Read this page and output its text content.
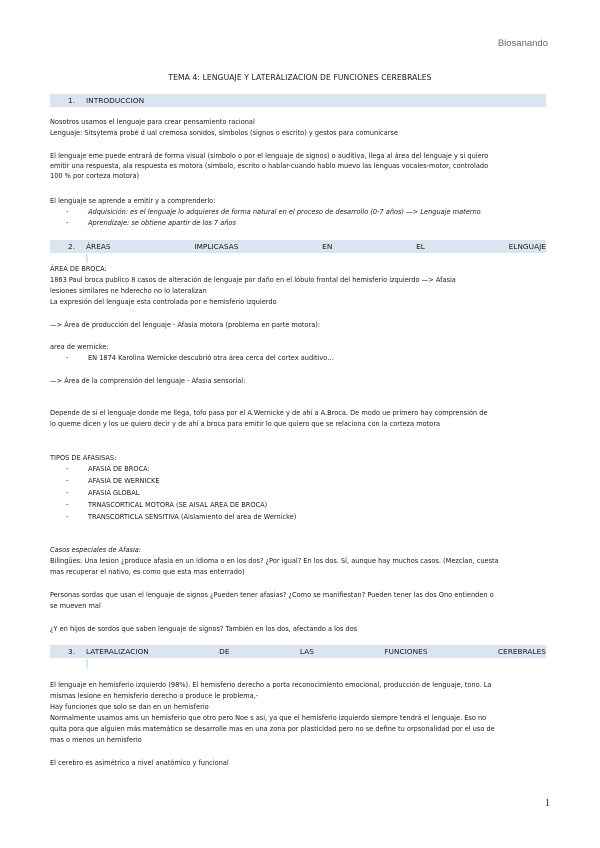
Biosanando
TEMA 4: LENGUAJE Y LATERALIZACION DE FUNCIONES CEREBRALES
1. INTRODUCCION
Nosotros usamos el lenguaje para crear pensamiento racional
Lenguaje: Sitsytema probé d ual cremosa sonidos, símbolos (signos o escrito) y gestos para comunicarse
El lenguaje eme puede entrará de forma visual (simbolo o por el lenguaje de signos) o auditiva, llega al área del lenguaje y si quiero
emitir una respuesta, ala respuesta es motora (simbolo, escrito o hablar-cuando hablo muevo las lenguas vocales-motor, controlado
100 % por corteza motora)
El lenguaje se aprende a emitir y a comprenderlo:
-	Adquisición: es el lenguaje lo adquieres de forma natural en el proceso de desarrollo (0-7 años) —> Lenguaje materno
-	Aprendizaje: se obtiene apartir de los 7 años
2. ÁREAS	IMPLICASAS	EN	EL	ELNGUAJE
ÁREA DE BROCA:
1863 Paul broca publico 8 casos de alteración de lenguaje por daño en el lóbulo frontal del hemisferio izquierdo —> Afasia
lesiones similares ne hderecho no lo lateralizan
La expresión del lenguaje esta controlada por e hemisferio izquierdo
—> Área de producción del lenguaje - Afasia motora (problema en parte motora):
area de wernicke:
-	EN 1874 Karolina Wernicke descubrió otra área cerca del cortex auditivo…
—> Área de la comprensión del lenguaje - Afasia sensorial:
Depende de si el lenguaje donde me llega, tofo pasa por el A.Wernicke y de ahí a A.Broca. De modo ue primero hay comprensión de
lo queme dicen y los ue quiero decir y de ahí a broca para emitir lo que quiero que se relaciona con la corteza motora
TIPOS DE AFASISAS:
-	AFASIA DE BROCA:
-	AFASIA DE WERNICKE
-	AFASIA GLOBAL
-	TRNASCORTICAL MOTORA (SE AISAL AREA DE BROCA)
-	TRANSCORTICLA SENSITIVA (Aislamiento del area de Wernicke)
Casos especiales de Afasia:
Bilingües: Una lesion ¿produce afasia en un idioma o en los dos? ¿Por igual? En los dos. Sí, aunque hay muchos casos. (Mezclan, cuesta
mas recuperar el nativo, es como que esta mas enterrado)
Personas sordas que usan el lenguaje de signos ¿Pueden tener afasias? ¿Como se manifiestan? Pueden tener las dos Ono entienden o
se mueven mal
¿Y en hijos de sordos que saben lenguaje de signos? También en los dos, afectando a los dos
3. LATERALIZACION	DE	LAS	FUNCIONES	CEREBRALES
El lenguaje en hemisferio izquierdo (98%). El hemisferio derecho a porta reconocimiento emocional, producción de lenguaje, tono. La
mismas lesione en hemisferio derecho o produce le problema,-
Hay funciones que solo se dan en un hemisferio
Normalmente usamos ams un hemisferio que otro pero Noe s asi, ya que el hemisferio izquierdo siempre tendrá el lenguaje. Eso no
quita pora que alguien más matemático se desarrolle mas en una zona por plasticidad pero no se define tu orpsonalidad por el uso de
mas o menos un hemisferio
El cerebro es asimétrico a nivel anatómico y funcional
1
